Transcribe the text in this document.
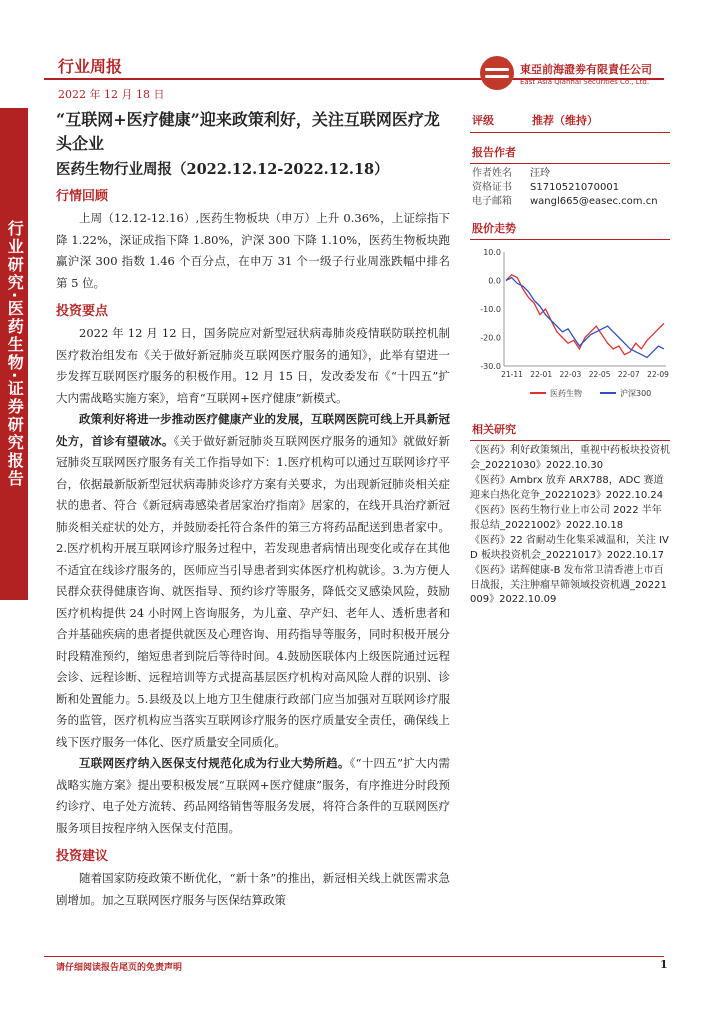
行业研究·医药生物·证券研究报告
行业周报
2022 年 12 月 18 日
東亞前海證劵有限責任公司
East Asia Qianhai Securities Co., Ltd.
“互联网+医疗健康”迎来政策利好，关注互联网医疗龙头企业
医药生物行业周报（2022.12.12-2022.12.18）
行情回顾

上周（12.12-12.16）,医药生物板块（申万）上升 0.36%，上证综指下降 1.22%，深证成指下降 1.80%，沪深 300 下降 1.10%，医药生物板块跑赢沪深 300 指数 1.46 个百分点，在申万 31 个一级子行业周涨跌幅中排名第 5 位。

投资要点

2022 年 12 月 12 日，国务院应对新型冠状病毒肺炎疫情联防联控机制医疗救治组发布《关于做好新冠肺炎互联网医疗服务的通知》，此举有望进一步发挥互联网医疗服务的积极作用。12 月 15 日，发改委发布《“十四五”扩大内需战略实施方案》，培育“互联网+医疗健康”新模式。

政策利好将进一步推动医疗健康产业的发展，互联网医院可线上开具新冠处方，首诊有望破冰。《关于做好新冠肺炎互联网医疗服务的通知》就做好新冠肺炎互联网医疗服务有关工作指导如下：1.医疗机构可以通过互联网诊疗平台，依据最新版新型冠状病毒肺炎诊疗方案有关要求，为出现新冠肺炎相关症状的患者、符合《新冠病毒感染者居家治疗指南》居家的，在线开具治疗新冠肺炎相关症状的处方，并鼓励委托符合条件的第三方将药品配送到患者家中。2.医疗机构开展互联网诊疗服务过程中，若发现患者病情出现变化或存在其他不适宜在线诊疗服务的，医师应当引导患者到实体医疗机构就诊。3.为方便人民群众获得健康咨询、就医指导、预约诊疗等服务，降低交叉感染风险，鼓励医疗机构提供 24 小时网上咨询服务，为儿童、孕产妇、老年人、透析患者和合并基础疾病的患者提供就医及心理咨询、用药指导等服务，同时积极开展分时段精准预约，缩短患者到院后等待时间。4.鼓励医联体内上级医院通过远程会诊、远程诊断、远程培训等方式提高基层医疗机构对高风险人群的识别、诊断和处置能力。5.县级及以上地方卫生健康行政部门应当加强对互联网诊疗服务的监管，医疗机构应当落实互联网诊疗服务的医疗质量安全责任，确保线上线下医疗服务一体化、医疗质量安全同质化。

互联网医疗纳入医保支付规范化成为行业大势所趋。《“十四五”扩大内需战略实施方案》提出要积极发展“互联网+医疗健康”服务，有序推进分时段预约诊疗、电子处方流转、药品网络销售等服务发展，将符合条件的互联网医疗服务项目按程序纳入医保支付范围。

投资建议

随着国家防疫政策不断优化，“新十条”的推出，新冠相关线上就医需求急剧增加。加之互联网医疗服务与医保结算政策

评级	推荐（维持）
报告作者
作者姓名	汪玲
资格证书	S1710521070001
电子邮箱	wangl665@easec.com.cn
股价走势
10.0
0.0
-10.0
-20.0
-30.0
21-11 22-01 22-03 22-05 22-07 22-09
医药生物	沪深300
相关研究
《医药》利好政策频出，重视中药板块投资机会_20221030》2022.10.30
《医药》Ambrx 放弃 ARX788，ADC 赛道迎来白热化竞争_20221023》2022.10.24
《医药》医药生物行业上市公司 2022 半年报总结_20221002》2022.10.18
《医药》22 省耐动生化集采减温和，关注 IVD 板块投资机会_20221017》2022.10.17
《医药》诺辉健康-B 发布常卫清香港上市百日战报，关注肿瘤早筛领域投资机遇_20221009》2022.10.09
请仔细阅读报告尾页的免责声明	1
